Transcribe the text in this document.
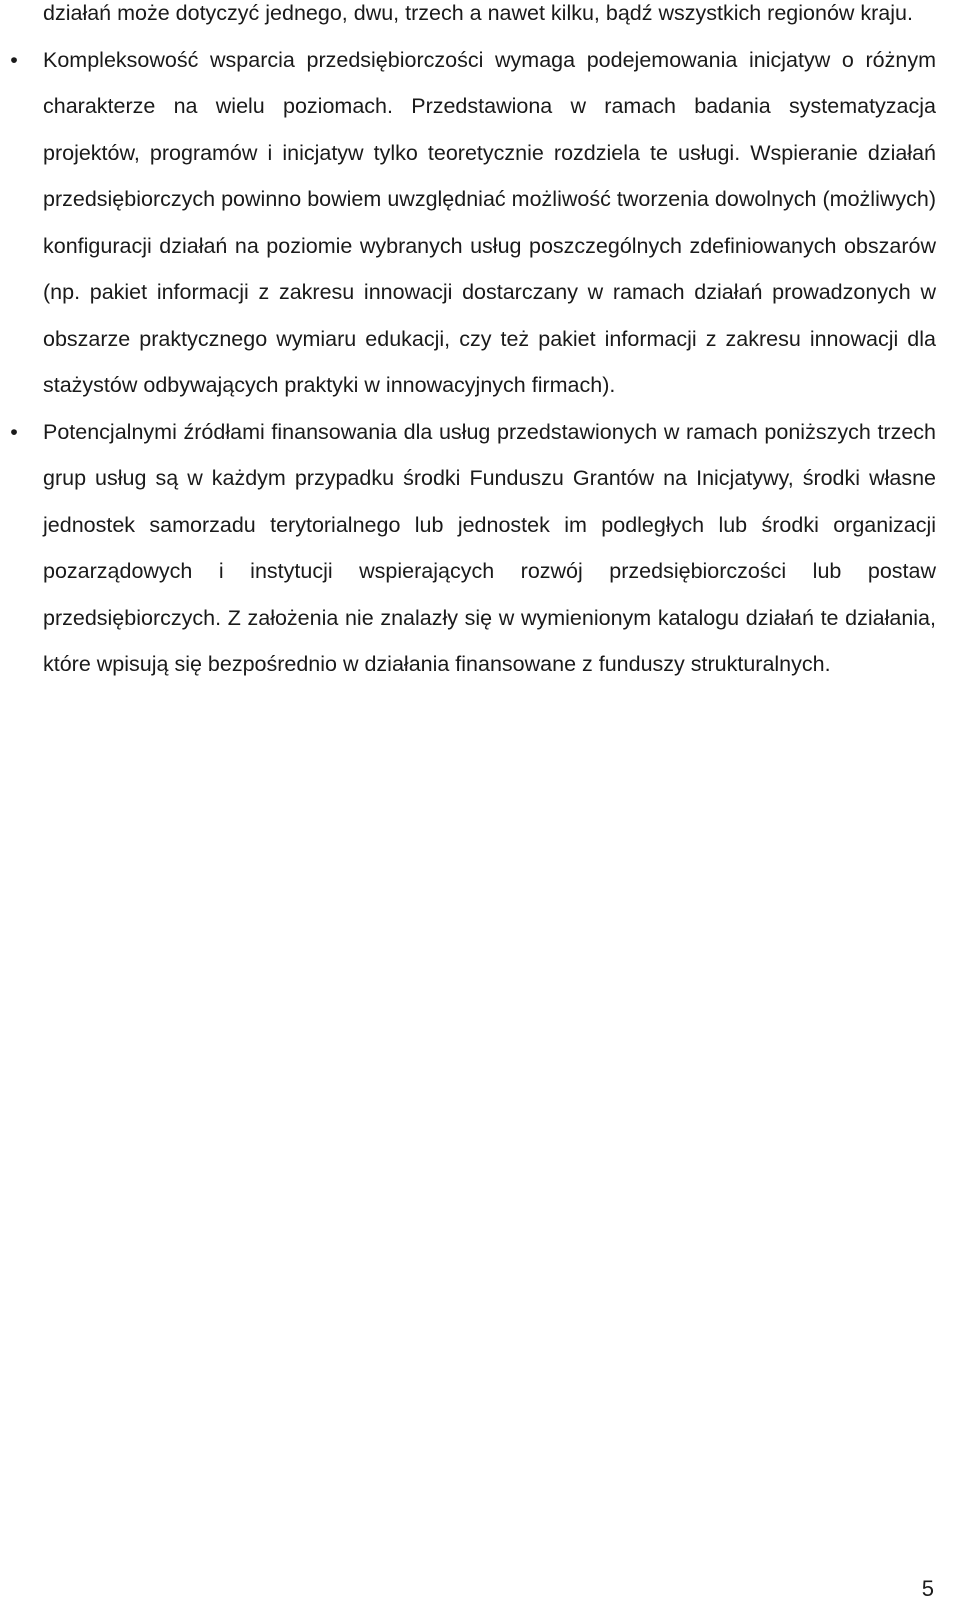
działań może dotyczyć jednego, dwu, trzech a nawet kilku, bądź wszystkich regionów kraju.

• Kompleksowość wsparcia przedsiębiorczości wymaga podejemowania inicjatyw o różnym charakterze na wielu poziomach. Przedstawiona w ramach badania systematyzacja projektów, programów i inicjatyw tylko teoretycznie rozdziela te usługi. Wspieranie działań przedsiębiorczych powinno bowiem uwzględniać możliwość tworzenia dowolnych (możliwych) konfiguracji działań na poziomie wybranych usług poszczególnych zdefiniowanych obszarów (np. pakiet informacji z zakresu innowacji dostarczany w ramach działań prowadzonych w obszarze praktycznego wymiaru edukacji, czy też pakiet informacji z zakresu innowacji dla stażystów odbywających praktyki w innowacyjnych firmach).

• Potencjalnymi źródłami finansowania dla usług przedstawionych w ramach poniższych trzech grup usług są w każdym przypadku środki Funduszu Grantów na Inicjatywy, środki własne jednostek samorzadu terytorialnego lub jednostek im podległych lub środki organizacji pozarządowych i instytucji wspierających rozwój przedsiębiorczości lub postaw przedsiębiorczych. Z założenia nie znalazły się w wymienionym katalogu działań te działania, które wpisują się bezpośrednio w działania finansowane z funduszy strukturalnych.

5
